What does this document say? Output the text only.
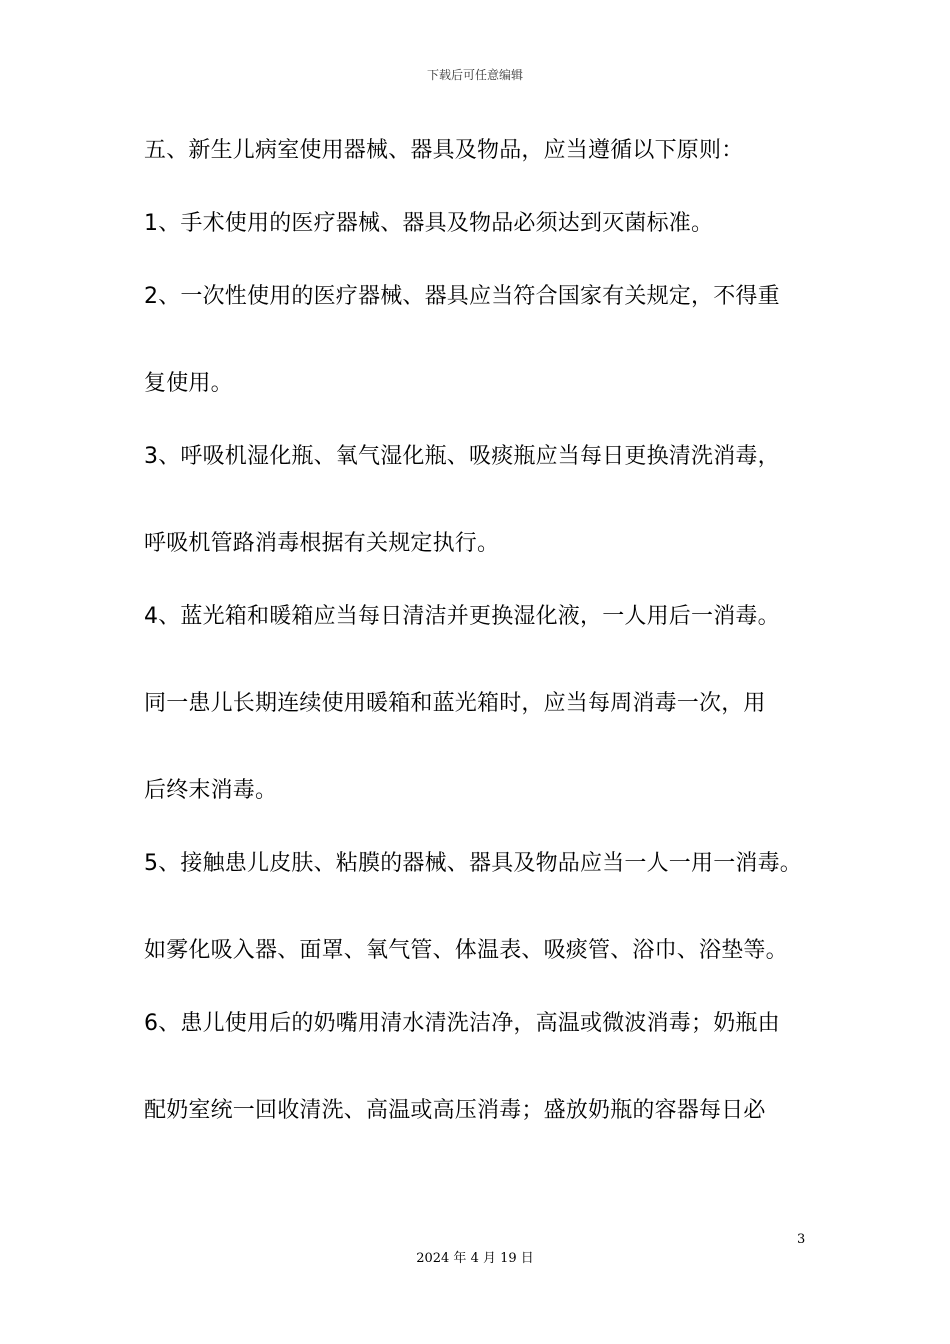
下载后可任意编辑
五、新生儿病室使用器械、器具及物品，应当遵循以下原则：
1、手术使用的医疗器械、器具及物品必须达到灭菌标准。
2、一次性使用的医疗器械、器具应当符合国家有关规定，不得重
复使用。
3、呼吸机湿化瓶、氧气湿化瓶、吸痰瓶应当每日更换清洗消毒，
呼吸机管路消毒根据有关规定执行。
4、蓝光箱和暖箱应当每日清洁并更换湿化液，一人用后一消毒。
同一患儿长期连续使用暖箱和蓝光箱时，应当每周消毒一次，用
后终末消毒。
5、接触患儿皮肤、粘膜的器械、器具及物品应当一人一用一消毒。
如雾化吸入器、面罩、氧气管、体温表、吸痰管、浴巾、浴垫等。
6、患儿使用后的奶嘴用清水清洗洁净，高温或微波消毒；奶瓶由
配奶室统一回收清洗、高温或高压消毒；盛放奶瓶的容器每日必
3
2024 年 4 月 19 日
